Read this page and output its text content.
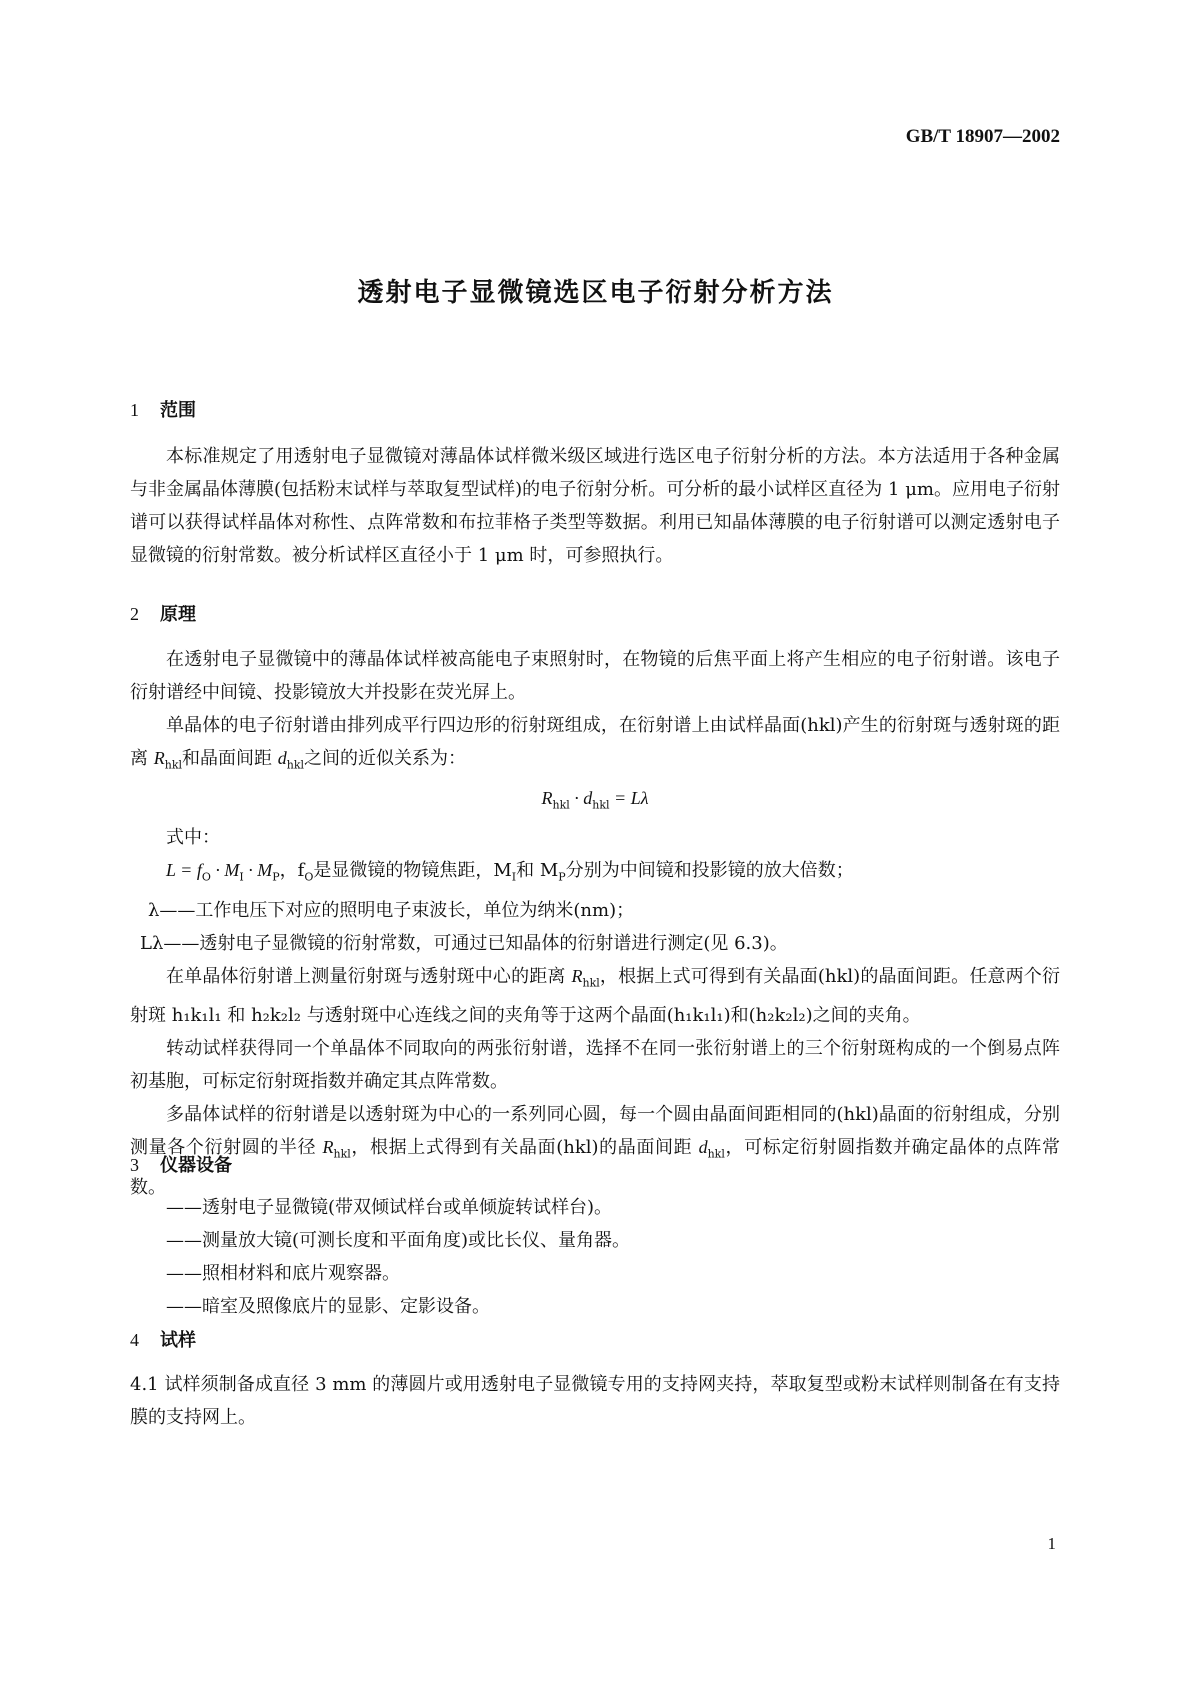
GB/T 18907—2002
透射电子显微镜选区电子衍射分析方法
1 范围

本标准规定了用透射电子显微镜对薄晶体试样微米级区域进行选区电子衍射分析的方法。本方法适用于各种金属与非金属晶体薄膜(包括粉末试样与萃取复型试样)的电子衍射分析。可分析的最小试样区直径为 1 μm。应用电子衍射谱可以获得试样晶体对称性、点阵常数和布拉菲格子类型等数据。利用已知晶体薄膜的电子衍射谱可以测定透射电子显微镜的衍射常数。被分析试样区直径小于 1 μm 时，可参照执行。

2 原理

在透射电子显微镜中的薄晶体试样被高能电子束照射时，在物镜的后焦平面上将产生相应的电子衍射谱。该电子衍射谱经中间镜、投影镜放大并投影在荧光屏上。

单晶体的电子衍射谱由排列成平行四边形的衍射斑组成，在衍射谱上由试样晶面(hkl)产生的衍射斑与透射斑的距离 $R_{hkl}$和晶面间距 $d_{hkl}$之间的近似关系为：

$R_{hkl} \cdot d_{hkl} = L\lambda$

式中：

$L = f_O \cdot M_I \cdot M_P$，$f_O$是显微镜的物镜焦距，$M_I$和 $M_P$分别为中间镜和投影镜的放大倍数；

λ——工作电压下对应的照明电子束波长，单位为纳米(nm)；

Lλ——透射电子显微镜的衍射常数，可通过已知晶体的衍射谱进行测定(见 6.3)。

在单晶体衍射谱上测量衍射斑与透射斑中心的距离 $R_{hkl}$，根据上式可得到有关晶面(hkl)的晶面间距。任意两个衍射斑 h₁k₁l₁ 和 h₂k₂l₂ 与透射斑中心连线之间的夹角等于这两个晶面(h₁k₁l₁)和(h₂k₂l₂)之间的夹角。

转动试样获得同一个单晶体不同取向的两张衍射谱，选择不在同一张衍射谱上的三个衍射斑构成的一个倒易点阵初基胞，可标定衍射斑指数并确定其点阵常数。

多晶体试样的衍射谱是以透射斑为中心的一系列同心圆，每一个圆由晶面间距相同的(hkl)晶面的衍射组成，分别测量各个衍射圆的半径 $R_{hkl}$，根据上式得到有关晶面(hkl)的晶面间距 $d_{hkl}$，可标定衍射圆指数并确定晶体的点阵常数。

3 仪器设备

——透射电子显微镜(带双倾试样台或单倾旋转试样台)。

——测量放大镜(可测长度和平面角度)或比长仪、量角器。

——照相材料和底片观察器。

——暗室及照像底片的显影、定影设备。

4 试样

4.1 试样须制备成直径 3 mm 的薄圆片或用透射电子显微镜专用的支持网夹持，萃取复型或粉末试样则制备在有支持膜的支持网上。

1
